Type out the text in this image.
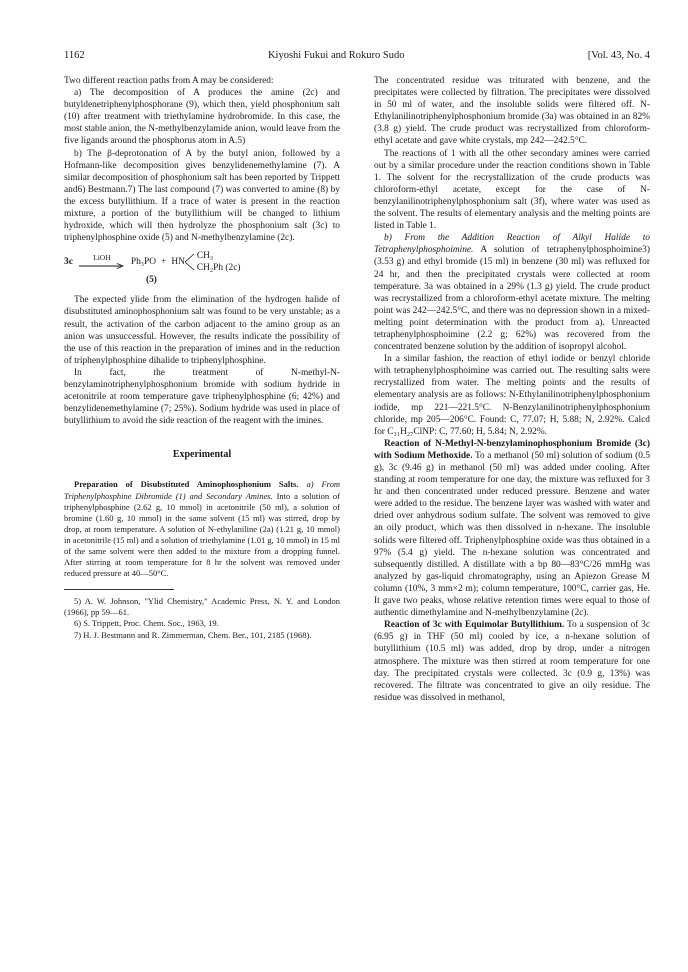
1162	Kiyoshi Fukui and Rokuro Sudo	[Vol. 43, No. 4

Two different reaction paths from A may be considered:

a) The decomposition of A produces the amine (2c) and butyldenetriphenylphosphorane (9), which then, yield phosphonium salt (10) after treatment with triethylamine hydrobromide. In this case, the most stable anion, the N-methylbenzylamide anion, would leave from the five ligands around the phosphorus atom in A.5)

b) The β-deprotonation of A by the butyl anion, followed by a Hofmann-like decomposition gives benzylidenemethylamine (7). A similar decomposition of phosphonium salt has been reported by Trippett and6) Bestmann.7) The last compound (7) was converted to amine (8) by the excess butyllithium. If a trace of water is present in the reaction mixture, a portion of the butyllithium will be changed to lithium hydroxide, which will then hydrolyze the phosphonium salt (3c) to triphenylphosphine oxide (5) and N-methylbenzylamine (2c).

3c	LiOH	Ph₃PO + HN
CH₃
CH₂Ph (2c)
(5)

The expected ylide from the elimination of the hydrogen halide of disubstituted aminophosphonium salt was found to be very unstable; as a result, the activation of the carbon adjacent to the amino group as an anion was unsuccessful. However, the results indicate the possibility of the use of this reaction in the preparation of imines and in the reduction of triphenylphosphine dihalide to triphenylphosphine.

In fact, the treatment of N-methyl-N-benzylaminotriphenylphosphonium bromide with sodium hydride in acetonitrile at room temperature gave triphenylphosphine (6; 42%) and benzylidenemethylamine (7; 25%). Sodium hydride was used in place of butyllithium to avoid the side reaction of the reagent with the imines.

Experimental

Preparation of Disubstituted Aminophosphonium Salts. a) From Triphenylphosphine Dibromide (1) and Secondary Amines. Into a solution of triphenylphosphine (2.62 g, 10 mmol) in acetonitrile (50 ml), a solution of bromine (1.60 g, 10 mmol) in the same solvent (15 ml) was stirred, drop by drop, at room temperature. A solution of N-ethylaniline (2a) (1.21 g, 10 mmol) in acetonitrile (15 ml) and a solution of triethylamine (1.01 g, 10 mmol) in 15 ml of the same solvent were then added to the mixture from a dropping funnel. After stirring at room temperature for 8 hr the solvent was removed under reduced pressure at 40—50°C.

5) A. W. Johnson, "Ylid Chemistry," Academic Press, N. Y. and London (1966), pp 59—61.

6) S. Trippett, Proc. Chem. Soc., 1963, 19.

7) H. J. Bestmann and R. Zimmerman, Chem. Ber., 101, 2185 (1968).

The concentrated residue was triturated with benzene, and the precipitates were collected by filtration. The precipitates were dissolved in 50 ml of water, and the insoluble solids were filtered off. N-Ethylanilinotriphenylphosphonium bromide (3a) was obtained in an 82% (3.8 g) yield. The crude product was recrystallized from chloroform-ethyl acetate and gave white crystals, mp 242—242.5°C.

The reactions of 1 with all the other secondary amines were carried out by a similar procedure under the reaction conditions shown in Table 1. The solvent for the recrystallization of the crude products was chloroform-ethyl acetate, except for the case of N-benzylanilinotriphenylphosphonium salt (3f), where water was used as the solvent. The results of elementary analysis and the melting points are listed in Table 1.

b) From the Addition Reaction of Alkyl Halide to Tetraphenylphosphoimine. A solution of tetraphenylphosphoimine3) (3.53 g) and ethyl bromide (15 ml) in benzene (30 ml) was refluxed for 24 hr, and then the precipitated crystals were collected at room temperature. 3a was obtained in a 29% (1.3 g) yield. The crude product was recrystallized from a chloroform-ethyl acetate mixture. The melting point was 242—242.5°C, and there was no depression shown in a mixed-melting point determination with the product from a). Unreacted tetraphenylphosphoimine (2.2 g; 62%) was recovered from the concentrated benzene solution by the addition of isopropyl alcohol.

In a similar fashion, the reaction of ethyl iodide or benzyl chloride with tetraphenylphosphoimine was carried out. The resulting salts were recrystallized from water. The melting points and the results of elementary analysis are as follows: N-Ethylanilinotriphenylphosphonium iodide, mp 221—221.5°C. N-Benzylanilinotriphenylphosphonium chloride, mp 205—206°C. Found: C, 77.07; H, 5.88; N, 2.92%. Calcd for C₃₁H₂₇ClNP: C, 77.60; H, 5.84; N, 2.92%.

Reaction of N-Methyl-N-benzylaminophosphonium Bromide (3c) with Sodium Methoxide. To a methanol (50 ml) solution of sodium (0.5 g), 3c (9.46 g) in methanol (50 ml) was added under cooling. After standing at room temperature for one day, the mixture was refluxed for 3 hr and then concentrated under reduced pressure. Benzene and water were added to the residue. The benzene layer was washed with water and dried over anhydrous sodium sulfate. The solvent was removed to give an oily product, which was then dissolved in n-hexane. The insoluble solids were filtered off. Triphenylphosphine oxide was thus obtained in a 97% (5.4 g) yield. The n-hexane solution was concentrated and subsequently distilled. A distillate with a bp 80—83°C/26 mmHg was analyzed by gas-liquid chromatography, using an Apiezon Grease M column (10%, 3 mm×2 m); column temperature, 100°C, carrier gas, He. It gave two peaks, whose relative retention times were equal to those of authentic dimethylamine and N-methylbenzylamine (2c).

Reaction of 3c with Equimolar Butyllithium. To a suspension of 3c (6.95 g) in THF (50 ml) cooled by ice, a n-hexane solution of butyllithium (10.5 ml) was added, drop by drop, under a nitrogen atmosphere. The mixture was then stirred at room temperature for one day. The precipitated crystals were collected. 3c (0.9 g, 13%) was recovered. The filtrate was concentrated to give an oily residue. The residue was dissolved in methanol,
